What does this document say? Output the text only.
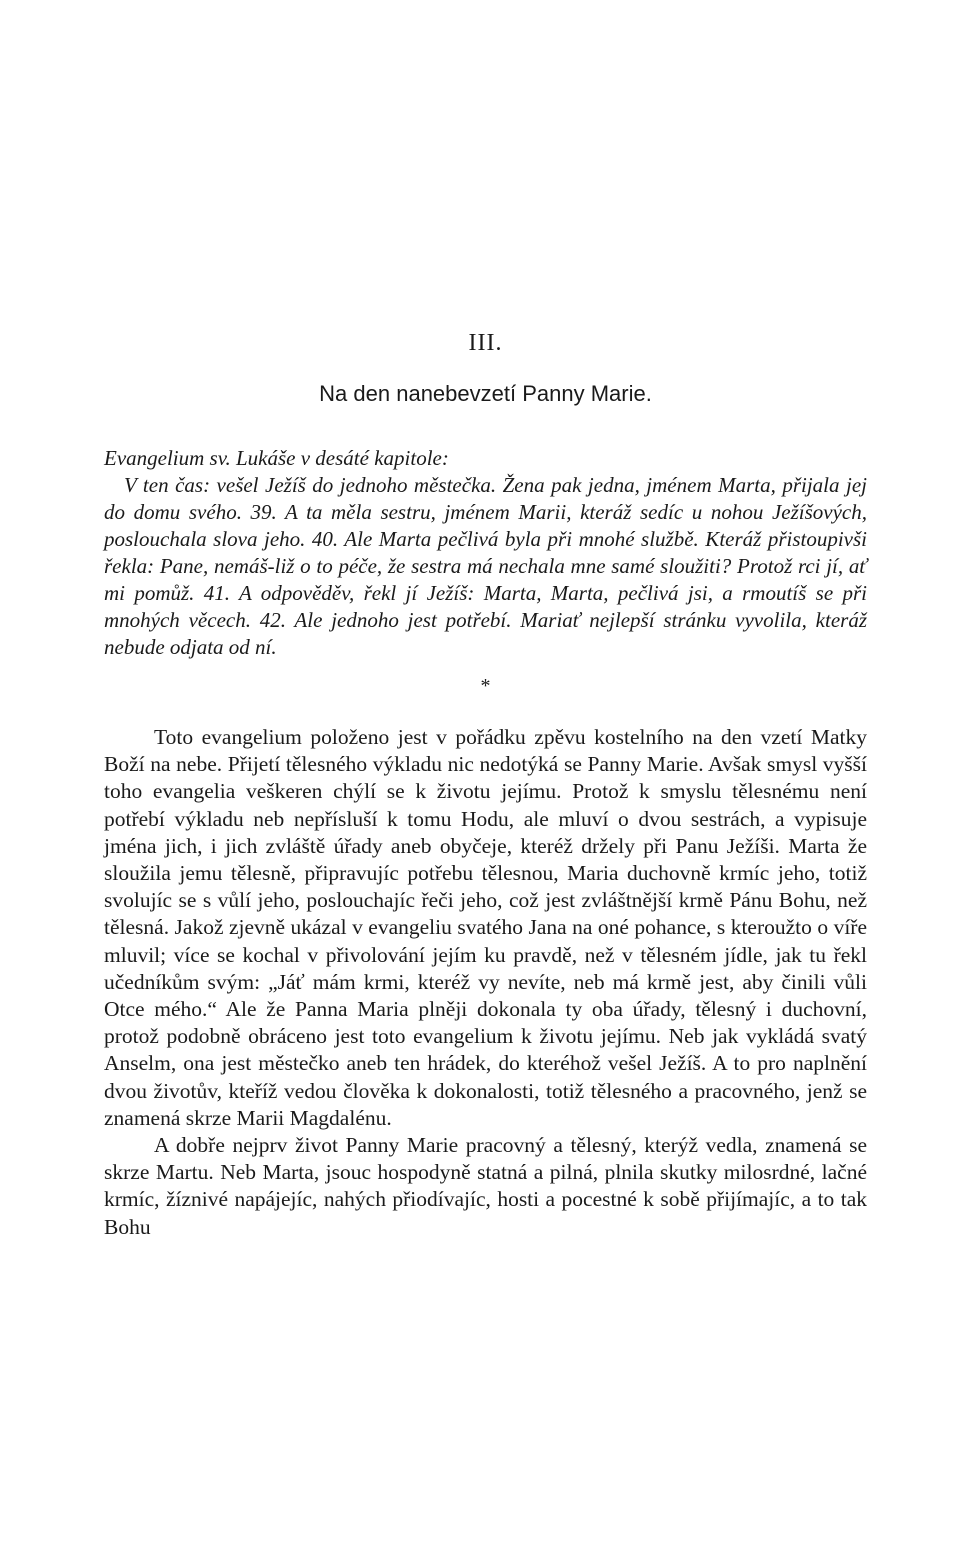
III.
Na den nanebevzetí Panny Marie.

Evangelium sv. Lukáše v desáté kapitole:

V ten čas: vešel Ježíš do jednoho městečka. Žena pak jedna, jménem Marta, přijala jej do domu svého. 39. A ta měla sestru, jménem Marii, kteráž sedíc u nohou Ježíšových, poslouchala slova jeho. 40. Ale Marta pečlivá byla při mnohé službě. Kteráž přistoupivši řekla: Pane, nemáš-liž o to péče, že sestra má nechala mne samé sloužiti? Protož rci jí, ať mi pomůž. 41. A odpověděv, řekl jí Ježíš: Marta, Marta, pečlivá jsi, a rmoutíš se při mnohých věcech. 42. Ale jednoho jest potřebí. Mariať nejlepší stránku vyvolila, kteráž nebude odjata od ní.

*

Toto evangelium položeno jest v pořádku zpěvu kostelního na den vzetí Matky Boží na nebe. Přijetí tělesného výkladu nic nedotýká se Panny Marie. Avšak smysl vyšší toho evangelia veškeren chýlí se k životu jejímu. Protož k smyslu tělesnému není potřebí výkladu neb nepřísluší k tomu Hodu, ale mluví o dvou sestrách, a vypisuje jména jich, i jich zvláště úřady aneb obyčeje, kteréž držely při Panu Ježíši. Marta že sloužila jemu tělesně, připravujíc potřebu tělesnou, Maria duchovně krmíc jeho, totiž svolujíc se s vůlí jeho, poslouchajíc řeči jeho, což jest zvláštnější krmě Pánu Bohu, než tělesná. Jakož zjevně ukázal v evangeliu svatého Jana na oné pohance, s kteroužto o víře mluvil; více se kochal v přivolování jejím ku pravdě, než v tělesném jídle, jak tu řekl učedníkům svým: „Jáť mám krmi, kteréž vy nevíte, neb má krmě jest, aby činili vůli Otce mého.“ Ale že Panna Maria plněji dokonala ty oba úřady, tělesný i duchovní, protož podobně obráceno jest toto evangelium k životu jejímu. Neb jak vykládá svatý Anselm, ona jest městečko aneb ten hrádek, do kteréhož vešel Ježíš. A to pro naplnění dvou životův, kteříž vedou člověka k dokonalosti, totiž tělesného a pracovného, jenž se znamená skrze Marii Magdalénu.

A dobře nejprv život Panny Marie pracovný a tělesný, kterýž vedla, znamená se skrze Martu. Neb Marta, jsouc hospodyně statná a pilná, plnila skutky milosrdné, lačné krmíc, žíznivé napájejíc, nahých přiodívajíc, hosti a pocestné k sobě přijímajíc, a to tak Bohu
